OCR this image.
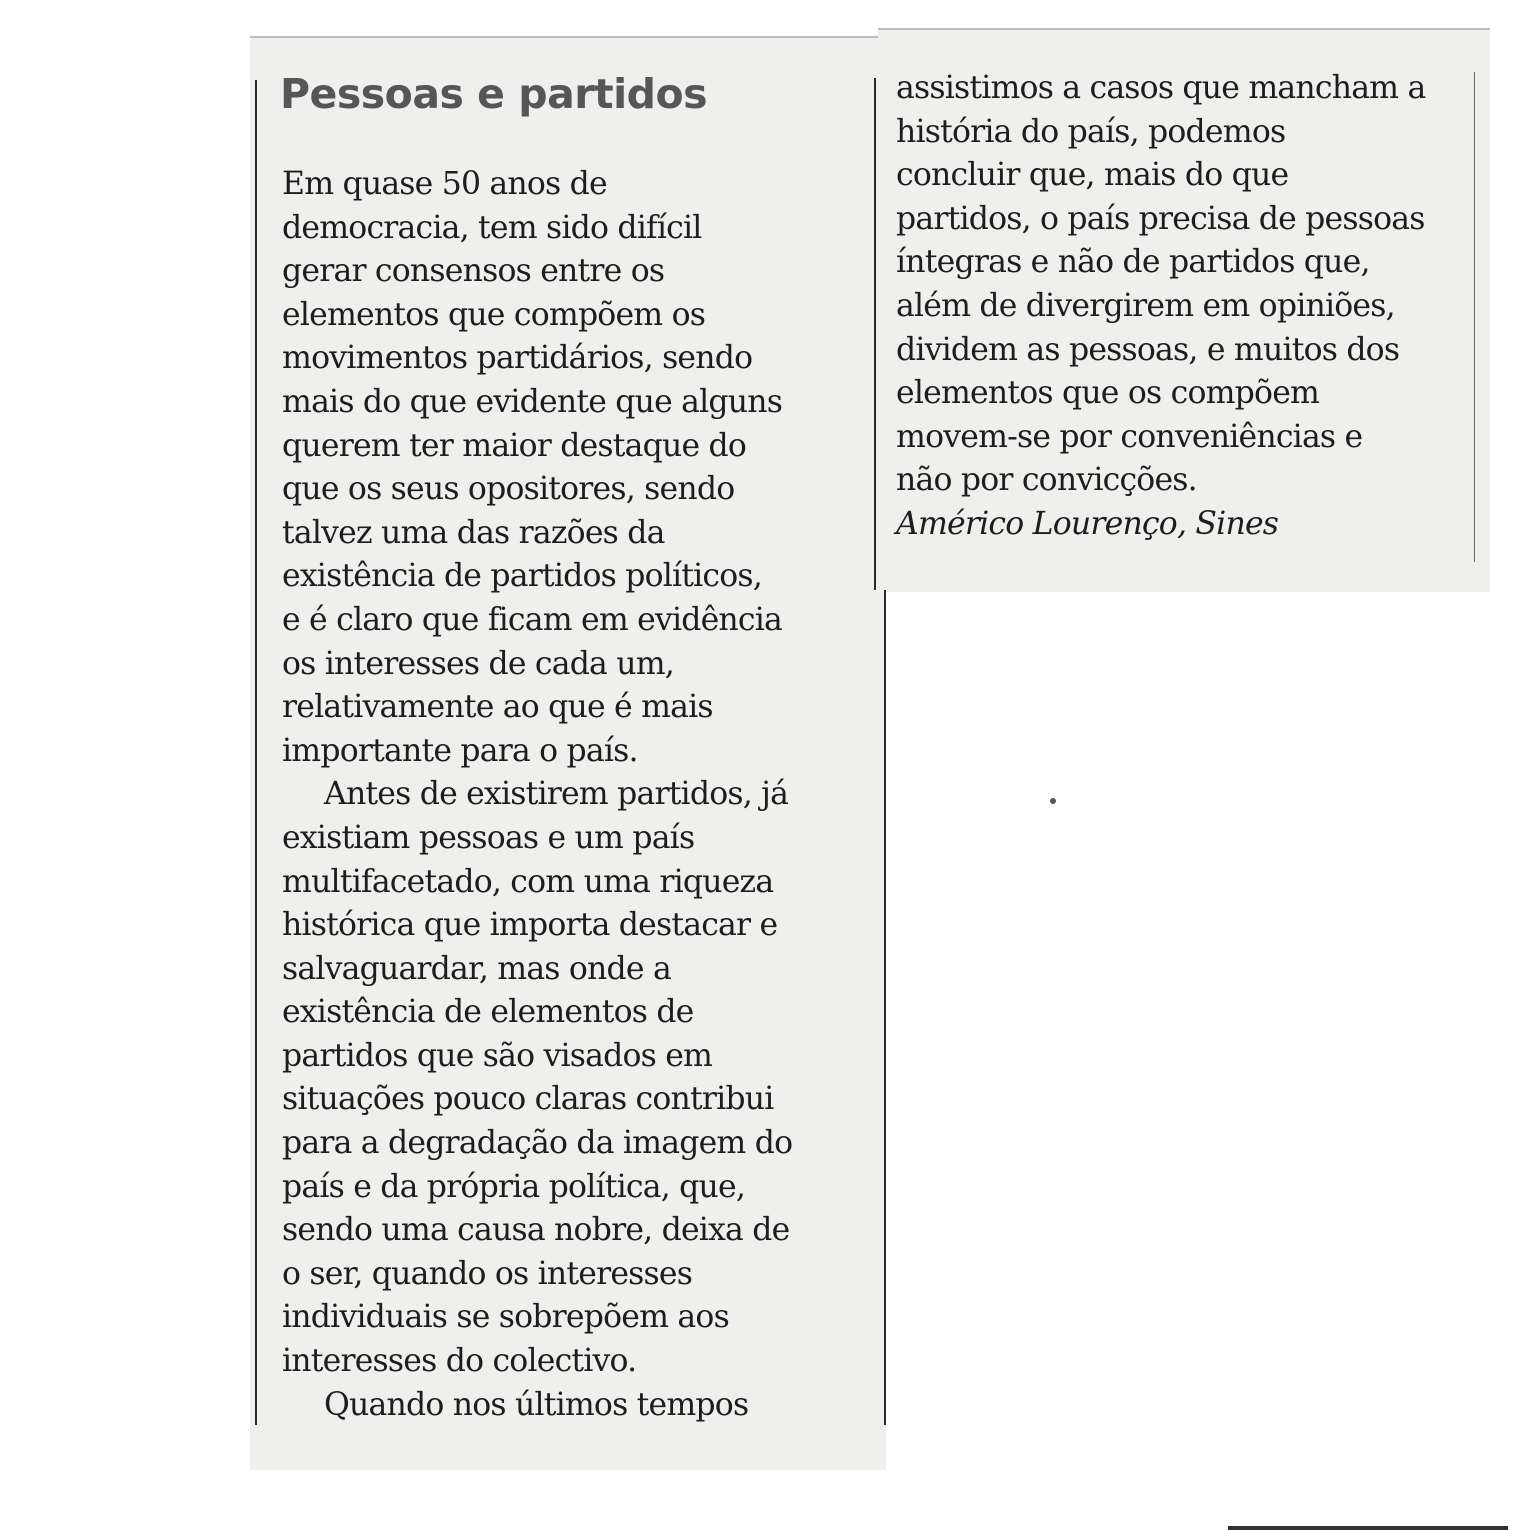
Pessoas e partidos

Em quase 50 anos de
democracia, tem sido difícil
gerar consensos entre os
elementos que compõem os
movimentos partidários, sendo
mais do que evidente que alguns
querem ter maior destaque do
que os seus opositores, sendo
talvez uma das razões da
existência de partidos políticos,
e é claro que ficam em evidência
os interesses de cada um,
relativamente ao que é mais
importante para o país.

Antes de existirem partidos, já
existiam pessoas e um país
multifacetado, com uma riqueza
histórica que importa destacar e
salvaguardar, mas onde a
existência de elementos de
partidos que são visados em
situações pouco claras contribui
para a degradação da imagem do
país e da própria política, que,
sendo uma causa nobre, deixa de
o ser, quando os interesses
individuais se sobrepõem aos
interesses do colectivo.

Quando nos últimos tempos

assistimos a casos que mancham a
história do país, podemos
concluir que, mais do que
partidos, o país precisa de pessoas
íntegras e não de partidos que,
além de divergirem em opiniões,
dividem as pessoas, e muitos dos
elementos que os compõem
movem-se por conveniências e
não por convicções.

Américo Lourenço, Sines
